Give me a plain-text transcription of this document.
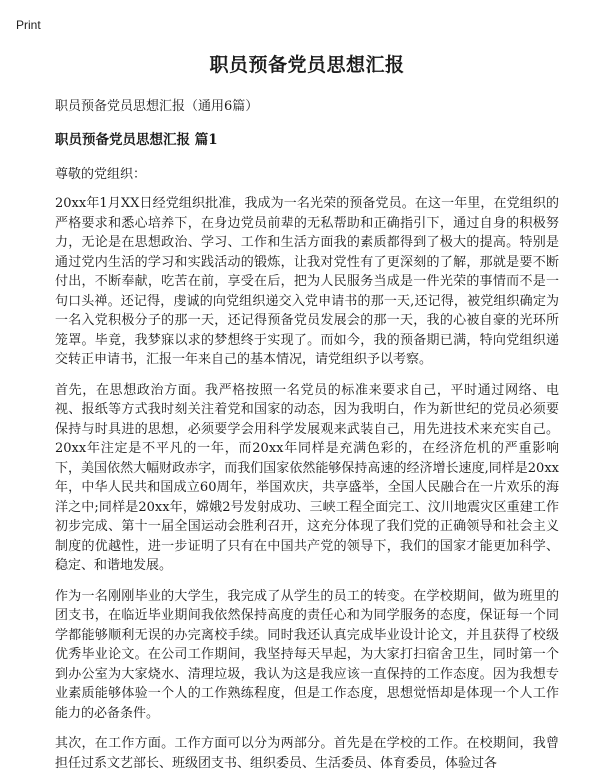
Print
职员预备党员思想汇报
职员预备党员思想汇报（通用6篇）
职员预备党员思想汇报 篇1
尊敬的党组织：

20xx年1月XX日经党组织批准，我成为一名光荣的预备党员。在这一年里，在党组织的严格要求和悉心培养下，在身边党员前辈的无私帮助和正确指引下，通过自身的积极努力，无论是在思想政治、学习、工作和生活方面我的素质都得到了极大的提高。特别是通过党内生活的学习和实践活动的锻炼，让我对党性有了更深刻的了解，那就是要不断付出，不断奉献，吃苦在前，享受在后，把为人民服务当成是一件光荣的事情而不是一句口头禅。还记得，虔诚的向党组织递交入党申请书的那一天,还记得，被党组织确定为一名入党积极分子的那一天，还记得预备党员发展会的那一天，我的心被自豪的光环所笼罩。毕竟，我梦寐以求的梦想终于实现了。而如今，我的预备期已满，特向党组织递交转正申请书，汇报一年来自己的基本情况，请党组织予以考察。

首先，在思想政治方面。我严格按照一名党员的标准来要求自己，平时通过网络、电视、报纸等方式我时刻关注着党和国家的动态，因为我明白，作为新世纪的党员必须要保持与时具进的思想，必须要学会用科学发展观来武装自己，用先进技术来充实自己。20xx年注定是不平凡的一年，而20xx年同样是充满色彩的，在经济危机的严重影响下，美国依然大幅财政赤字，而我们国家依然能够保持高速的经济增长速度,同样是20xx年，中华人民共和国成立60周年，举国欢庆，共享盛举，全国人民融合在一片欢乐的海洋之中;同样是20xx年，嫦娥2号发射成功、三峡工程全面完工、汶川地震灾区重建工作初步完成、第十一届全国运动会胜利召开，这充分体现了我们党的正确领导和社会主义制度的优越性，进一步证明了只有在中国共产党的领导下，我们的国家才能更加科学、稳定、和谐地发展。

作为一名刚刚毕业的大学生，我完成了从学生的员工的转变。在学校期间，做为班里的团支书，在临近毕业期间我依然保持高度的责任心和为同学服务的态度，保证每一个同学都能够顺利无误的办完离校手续。同时我还认真完成毕业设计论文，并且获得了校级优秀毕业论文。在公司工作期间，我坚持每天早起，为大家打扫宿舍卫生，同时第一个到办公室为大家烧水、清理垃圾，我认为这是我应该一直保持的工作态度。因为我想专业素质能够体验一个人的工作熟练程度，但是工作态度，思想觉悟却是体现一个人工作能力的必备条件。

其次，在工作方面。工作方面可以分为两部分。首先是在学校的工作。在校期间，我曾担任过系文艺部长、班级团支书、组织委员、生活委员、体育委员，体验过各
